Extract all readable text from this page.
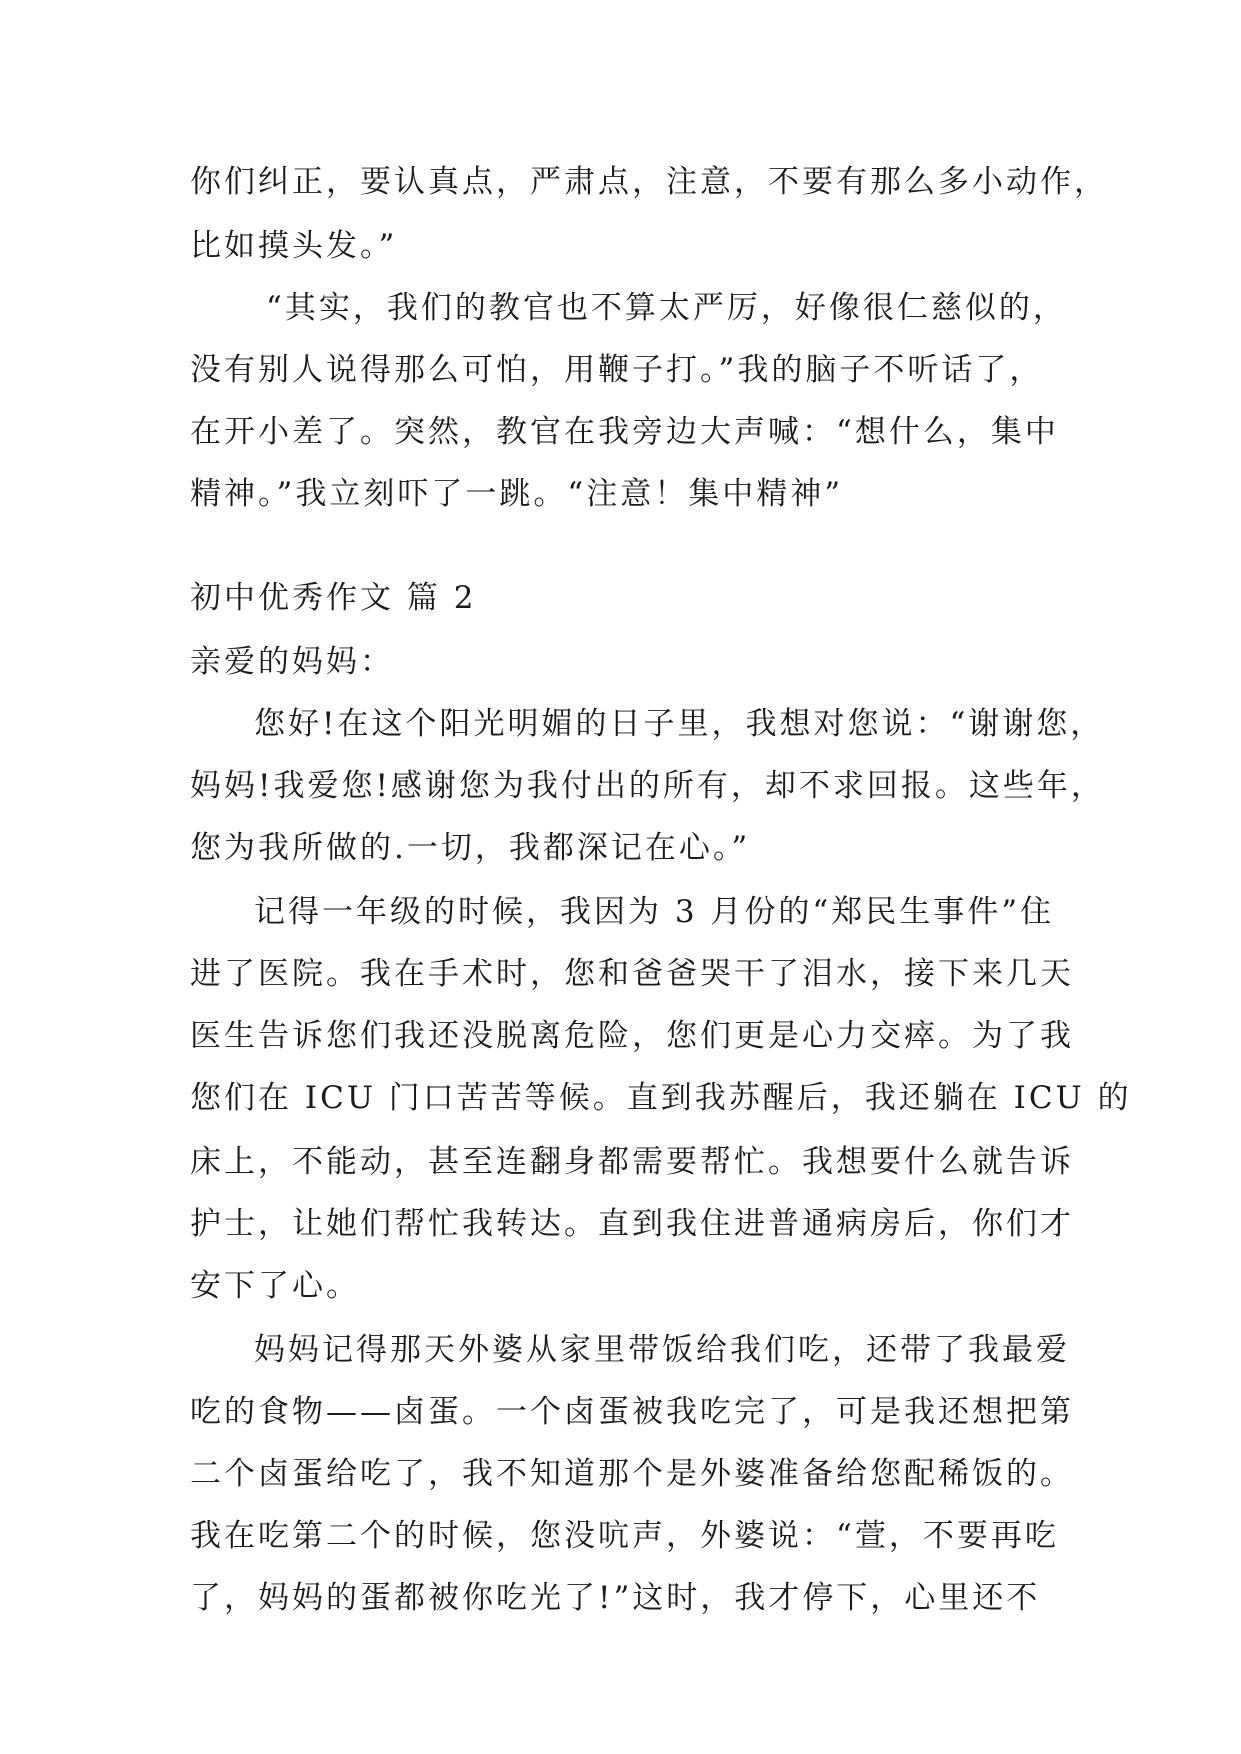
你们纠正，要认真点，严肃点，注意，不要有那么多小动作，
比如摸头发。”
“其实，我们的教官也不算太严厉，好像很仁慈似的，
没有别人说得那么可怕，用鞭子打。”我的脑子不听话了，
在开小差了。突然，教官在我旁边大声喊：“想什么，集中
精神。”我立刻吓了一跳。“注意！集中精神”
初中优秀作文 篇 2
亲爱的妈妈：
您好!在这个阳光明媚的日子里，我想对您说：“谢谢您，
妈妈!我爱您!感谢您为我付出的所有，却不求回报。这些年，
您为我所做的.一切，我都深记在心。”
记得一年级的时候，我因为 3 月份的“郑民生事件”住
进了医院。我在手术时，您和爸爸哭干了泪水，接下来几天
医生告诉您们我还没脱离危险，您们更是心力交瘁。为了我
您们在 ICU 门口苦苦等候。直到我苏醒后，我还躺在 ICU 的
床上，不能动，甚至连翻身都需要帮忙。我想要什么就告诉
护士，让她们帮忙我转达。直到我住进普通病房后，你们才
安下了心。
妈妈记得那天外婆从家里带饭给我们吃，还带了我最爱
吃的食物——卤蛋。一个卤蛋被我吃完了，可是我还想把第
二个卤蛋给吃了，我不知道那个是外婆准备给您配稀饭的。
我在吃第二个的时候，您没吭声，外婆说：“萱，不要再吃
了，妈妈的蛋都被你吃光了!”这时，我才停下，心里还不
